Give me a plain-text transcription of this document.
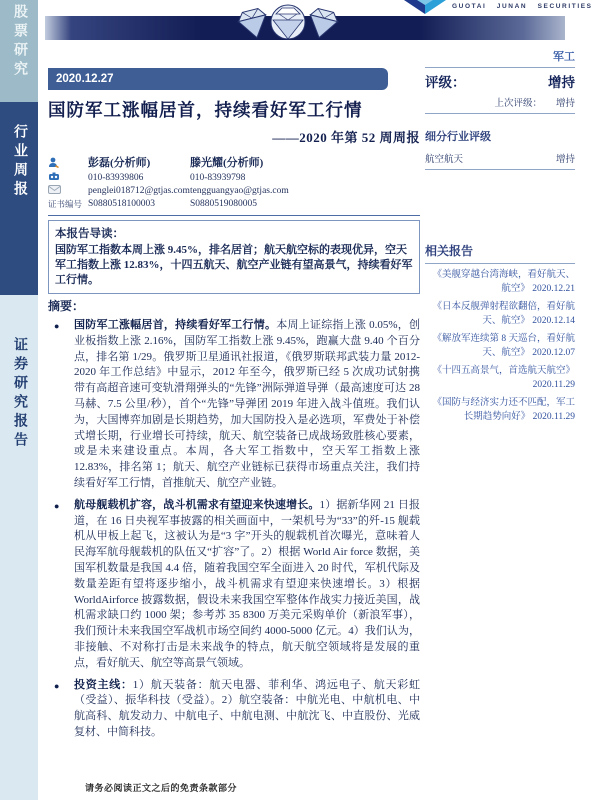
股票研究
行业周报
证券研究报告
GUOTAI JUNAN SECURITIES
军工
2020.12.27
国防军工涨幅居首，持续看好军工行情
——2020 年第 52 周周报
彭磊(分析师)	滕光耀(分析师)
010-83939806	010-83939798
penglei018712@gtjas.com tengguangyao@gtjas.com
证书编号 S0880518100003	S0880519080005
本报告导读：
国防军工指数本周上涨 9.45%，排名居首；航天航空标的表现优异，空天军工指数上涨 12.83%，十四五航天、航空产业链有望高景气，持续看好军工行情。
摘要：
● 国防军工涨幅居首，持续看好军工行情。本周上证综指上涨 0.05%，创业板指数上涨 2.16%，国防军工指数上涨 9.45%，跑赢大盘 9.40 个百分点，排名第 1/29。俄罗斯卫星通讯社报道，《俄罗斯联邦武装力量 2012-2020 年工作总结》中显示，2012 年至今，俄罗斯已经 5 次成功试射携带有高超音速可变轨滑翔弹头的“先锋”洲际弹道导弹（最高速度可达 28 马赫、7.5 公里/秒），首个“先锋”导弹团 2019 年进入战斗值班。我们认为，大国博弈加剧是长期趋势，加大国防投入是必选项，军费处于补偿式增长期，行业增长可持续，航天、航空装备已成战场致胜核心要素，或是未来建设重点。本周，各大军工指数中，空天军工指数上涨 12.83%，排名第 1；航天、航空产业链标已获得市场重点关注，我们持续看好军工行情，首推航天、航空产业链。
● 航母舰载机扩容，战斗机需求有望迎来快速增长。1）据新华网 21 日报道，在 16 日央视军事披露的相关画面中，一架机号为“33”的歼-15 舰载机从甲板上起飞，这被认为是“3 字”开头的舰载机首次曝光，意味着人民海军航母舰载机的队伍又“扩容”了。2）根据 World Air force 数据，美国军机数量是我国 4.4 倍，随着我国空军全面进入 20 时代，军机代际及数量差距有望将逐步缩小，战斗机需求有望迎来快速增长。3）根据 WorldAirforce 披露数据，假设未来我国空军整体作战实力接近美国，战机需求缺口约 1000 架；参考苏 35 8300 万美元采购单价（新浪军事），我们预计未来我国空军战机市场空间约 4000-5000 亿元。4）我们认为，非接触、不对称打击是未来战争的特点，航天航空领域将是发展的重点，看好航天、航空等高景气领域。
● 投资主线：1）航天装备：航天电器、菲利华、鸿远电子、航天彩虹（受益）、振华科技（受益）。2）航空装备：中航光电、中航机电、中航高科、航发动力、中航电子、中航电测、中航沈飞、中直股份、光威复材、中简科技。
评级：	增持
上次评级： 增持
细分行业评级
航空航天	增持
相关报告
《美舰穿越台湾海峡，看好航天、航空》 2020.12.21
《日本反舰弹射程欲翻倍，看好航天、航空》 2020.12.14
《解放军连续第 8 天巡台，看好航天、航空》 2020.12.07
《十四五高景气，首选航天航空》 2020.11.29
《国防与经济实力还不匹配，军工长期趋势向好》 2020.11.29
请务必阅读正文之后的免责条款部分
